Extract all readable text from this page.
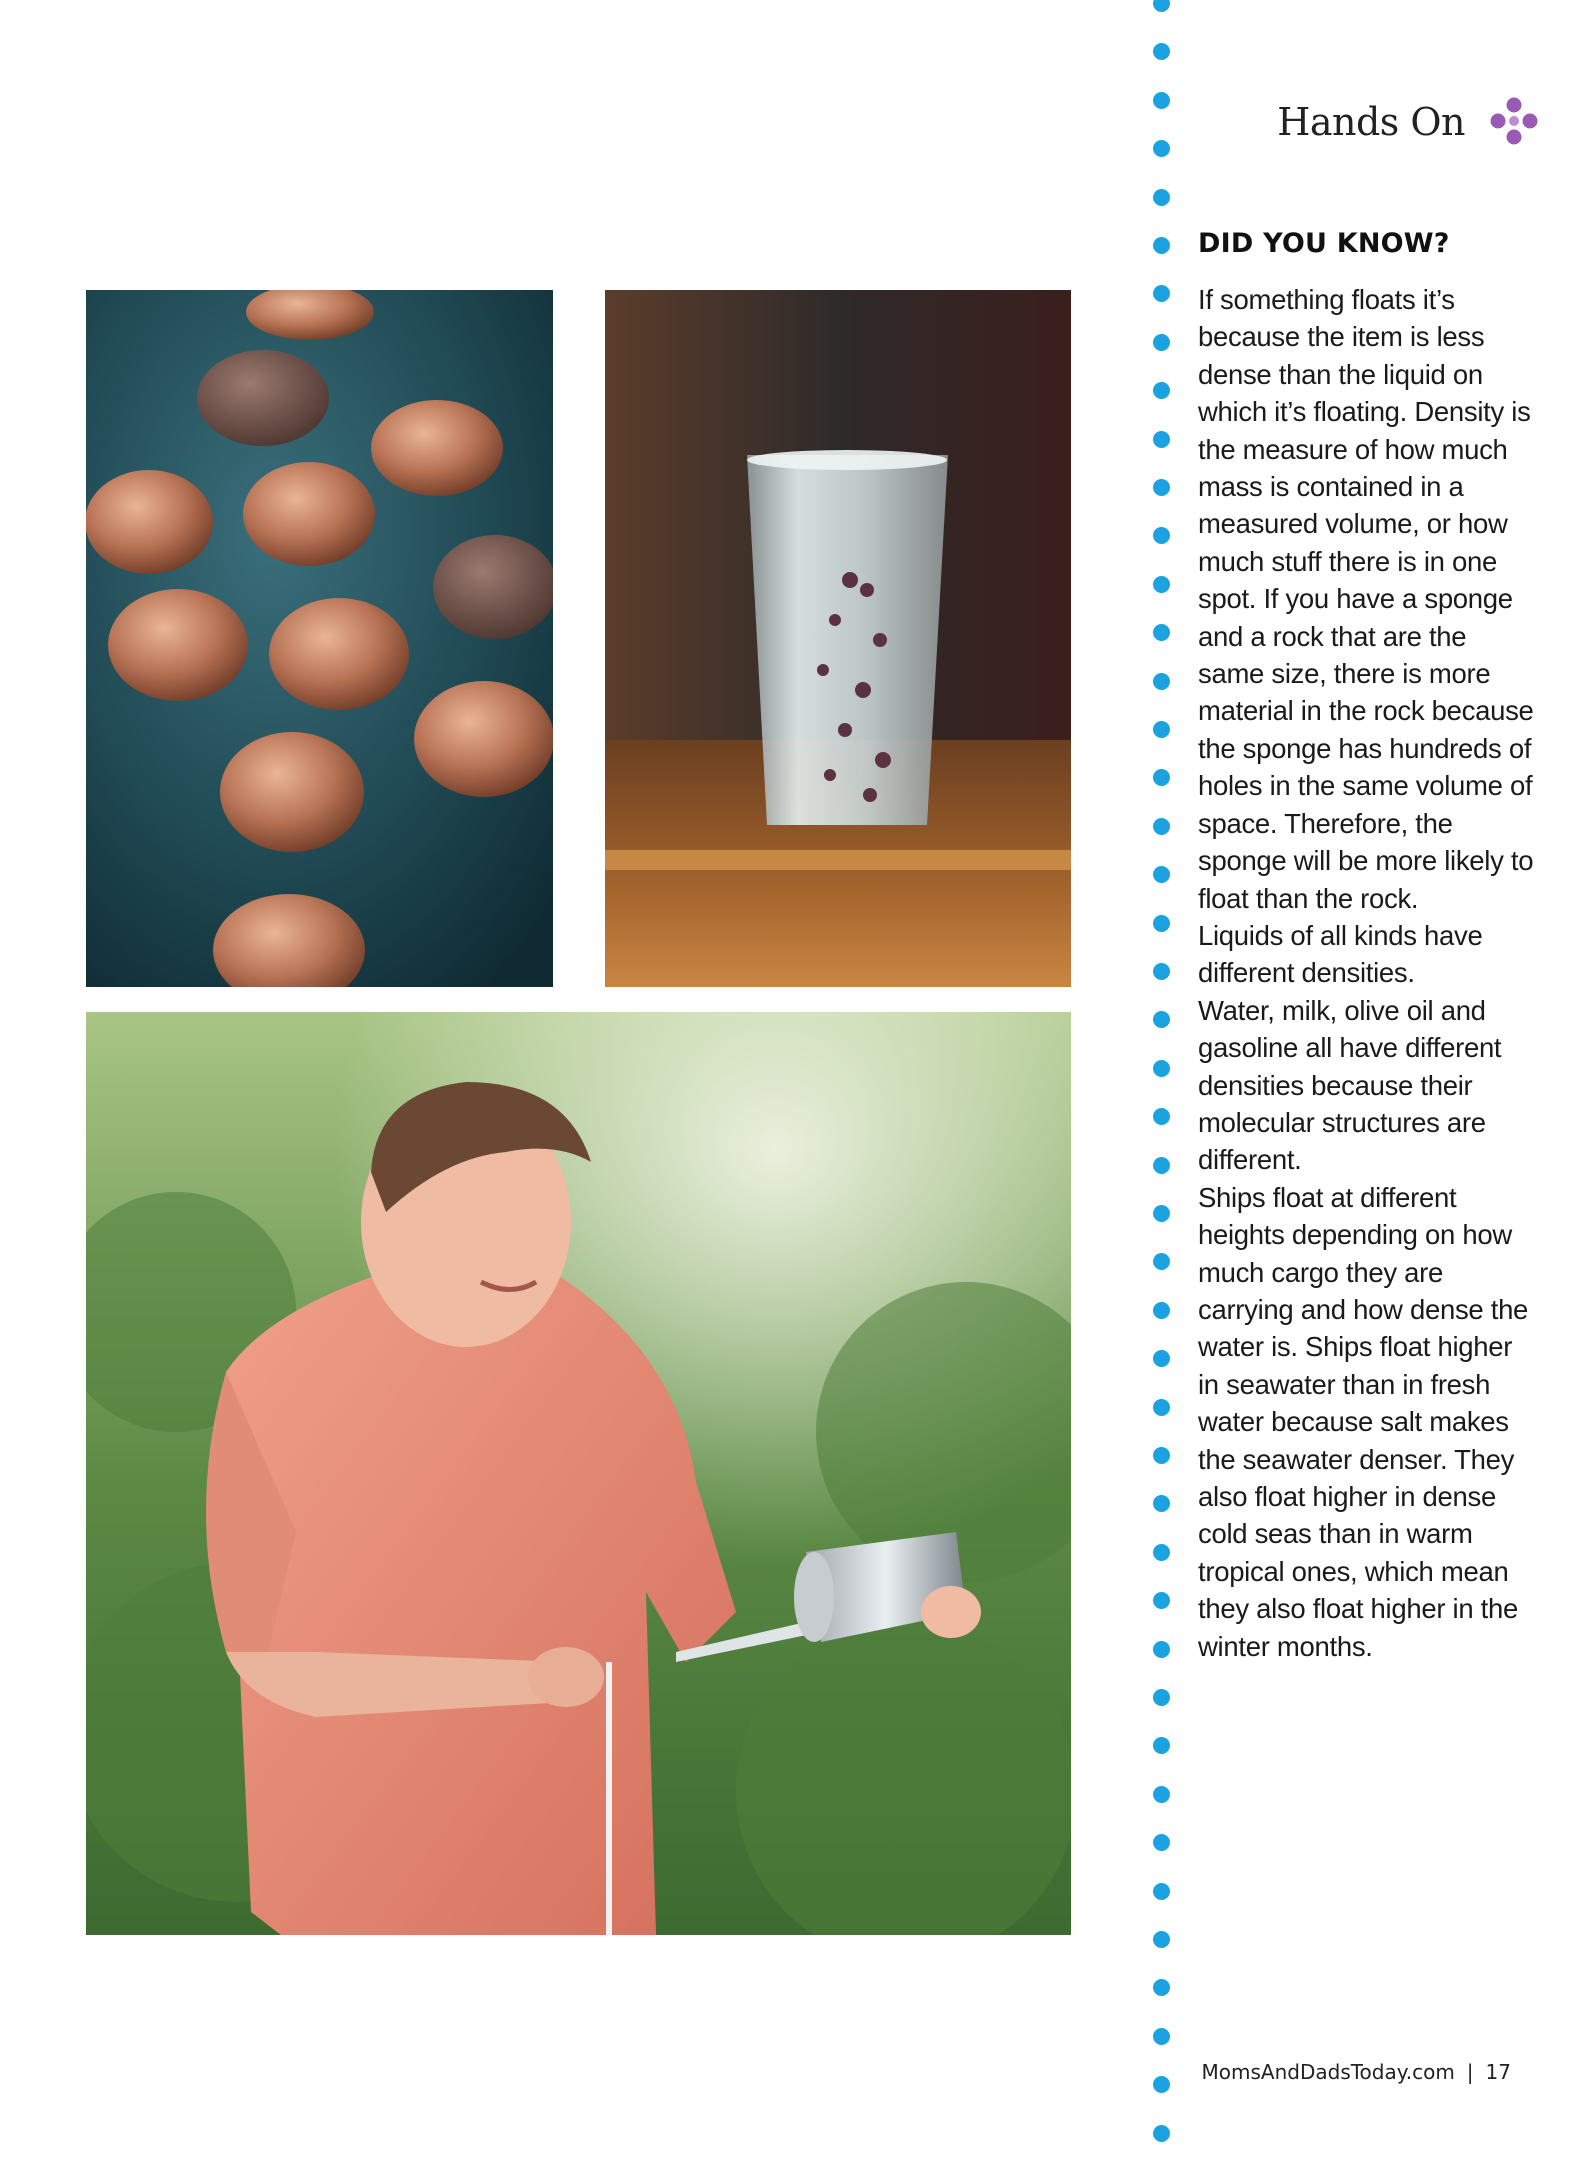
Hands On
DID YOU KNOW?

If something floats it’s because the item is less dense than the liquid on which it’s floating. Density is the measure of how much mass is contained in a measured volume, or how much stuff there is in one spot. If you have a sponge and a rock that are the same size, there is more material in the rock because the sponge has hundreds of holes in the same volume of space. Therefore, the sponge will be more likely to float than the rock.

Liquids of all kinds have different densities.

Water, milk, olive oil and gasoline all have different densities because their molecular structures are different.

Ships float at different heights depending on how much cargo they are carrying and how dense the water is. Ships float higher in seawater than in fresh water because salt makes the seawater denser. They also float higher in dense cold seas than in warm tropical ones, which mean they also float higher in the winter months.

MomsAndDadsToday.com | 17
